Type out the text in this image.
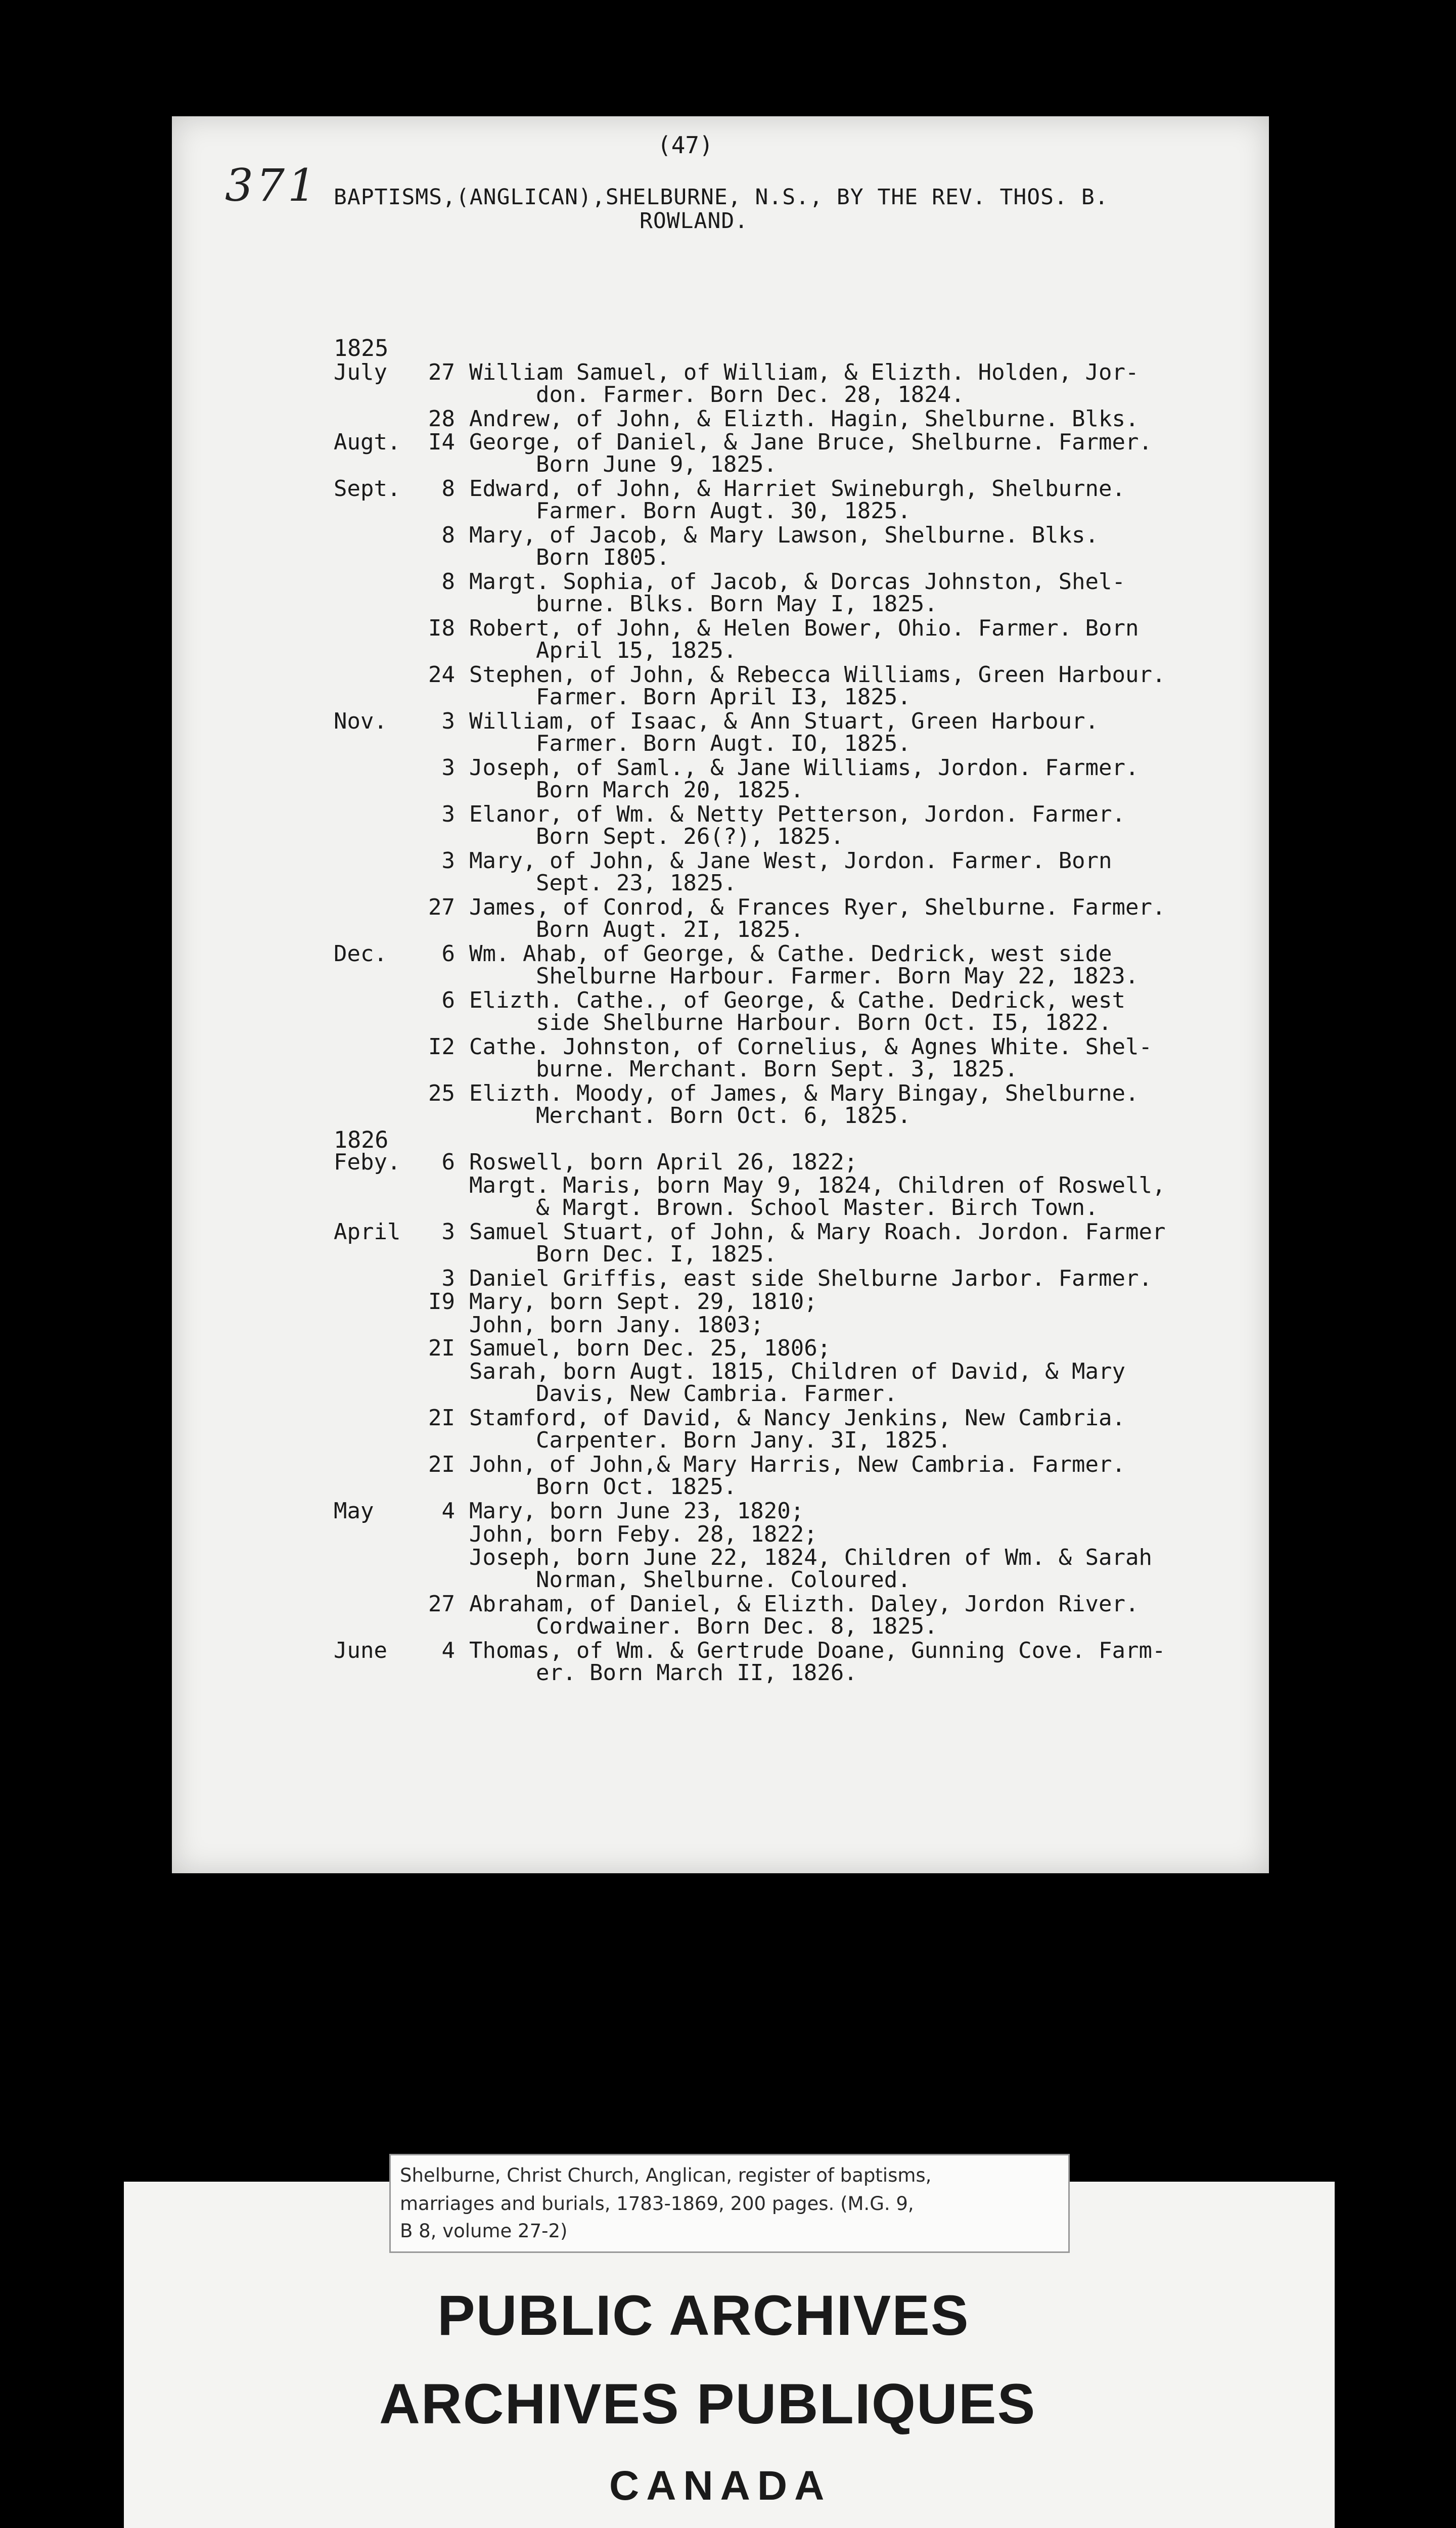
(47)
371 BAPTISMS,(ANGLICAN),SHELBURNE, N.S., BY THE REV. THOS. B.
ROWLAND.
1825
July	27 William Samuel, of William, & Elizth. Holden, Jor-
don. Farmer. Born Dec. 28, 1824.
28 Andrew, of John, & Elizth. Hagin, Shelburne. Blks.
Augt.	I4 George, of Daniel, & Jane Bruce, Shelburne. Farmer.
Born June 9, 1825.
Sept.	8 Edward, of John, & Harriet Swineburgh, Shelburne.
Farmer. Born Augt. 30, 1825.
8 Mary, of Jacob, & Mary Lawson, Shelburne. Blks.
Born I805.
8 Margt. Sophia, of Jacob, & Dorcas Johnston, Shel-
burne. Blks. Born May I, 1825.
I8 Robert, of John, & Helen Bower, Ohio. Farmer. Born
April 15, 1825.
24 Stephen, of John, & Rebecca Williams, Green Harbour.
Farmer. Born April I3, 1825.
Nov.	3 William, of Isaac, & Ann Stuart, Green Harbour.
Farmer. Born Augt. IO, 1825.
3 Joseph, of Saml., & Jane Williams, Jordon. Farmer.
Born March 20, 1825.
3 Elanor, of Wm. & Netty Petterson, Jordon. Farmer.
Born Sept. 26(?), 1825.
3 Mary, of John, & Jane West, Jordon. Farmer. Born
Sept. 23, 1825.
27 James, of Conrod, & Frances Ryer, Shelburne. Farmer.
Born Augt. 2I, 1825.
Dec.	6 Wm. Ahab, of George, & Cathe. Dedrick, west side
Shelburne Harbour. Farmer. Born May 22, 1823.
6 Elizth. Cathe., of George, & Cathe. Dedrick, west
side Shelburne Harbour. Born Oct. I5, 1822.
I2 Cathe. Johnston, of Cornelius, & Agnes White. Shel-
burne. Merchant. Born Sept. 3, 1825.
25 Elizth. Moody, of James, & Mary Bingay, Shelburne.
Merchant. Born Oct. 6, 1825.
1826
Feby.	6 Roswell, born April 26, 1822;
Margt. Maris, born May 9, 1824, Children of Roswell,
& Margt. Brown. School Master. Birch Town.
April	3 Samuel Stuart, of John, & Mary Roach. Jordon. Farmer
Born Dec. I, 1825.
3 Daniel Griffis, east side Shelburne Jarbor. Farmer.
I9 Mary, born Sept. 29, 1810;
John, born Jany. 1803;
2I Samuel, born Dec. 25, 1806;
Sarah, born Augt. 1815, Children of David, & Mary
Davis, New Cambria. Farmer.
2I Stamford, of David, & Nancy Jenkins, New Cambria.
Carpenter. Born Jany. 3I, 1825.
2I John, of John,& Mary Harris, New Cambria. Farmer.
Born Oct. 1825.
May	4 Mary, born June 23, 1820;
John, born Feby. 28, 1822;
Joseph, born June 22, 1824, Children of Wm. & Sarah
Norman, Shelburne. Coloured.
27 Abraham, of Daniel, & Elizth. Daley, Jordon River.
Cordwainer. Born Dec. 8, 1825.
June	4 Thomas, of Wm. & Gertrude Doane, Gunning Cove. Farm-
er. Born March II, 1826.
Shelburne, Christ Church, Anglican, register of baptisms,
marriages and burials, 1783-1869, 200 pages. (M.G. 9,
B 8, volume 27-2)
PUBLIC ARCHIVES
ARCHIVES PUBLIQUES
CANADA
